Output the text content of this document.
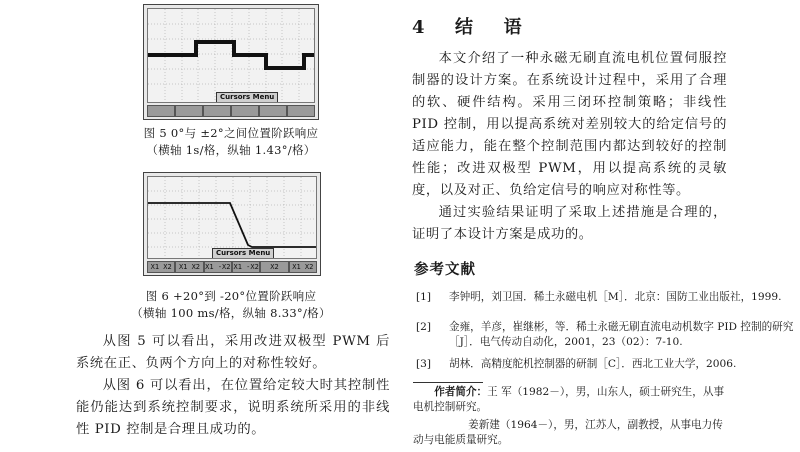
Cursors Menu
图 5 0°与 ±2°之间位置阶跃响应
（横轴 1s/格，纵轴 1.43°/格）
Cursors Menu
X1 X2	X1 X2 X1 -X2 X1 -X2	X2	X1 X2
图 6 +20°到 -20°位置阶跃响应
（横轴 100 ms/格，纵轴 8.33°/格）
从图 5 可以看出，采用改进双极型 PWM 后系统在正、负两个方向上的对称性较好。
从图 6 可以看出，在位置给定较大时其控制性能仍能达到系统控制要求，说明系统所采用的非线性 PID 控制是合理且成功的。
4  结  语
本文介绍了一种永磁无刷直流电机位置伺服控制器的设计方案。在系统设计过程中，采用了合理的软、硬件结构。采用三闭环控制策略；非线性 PID 控制，用以提高系统对差别较大的给定信号的适应能力，能在整个控制范围内都达到较好的控制性能；改进双极型 PWM，用以提高系统的灵敏度，以及对正、负给定信号的响应对称性等。
通过实验结果证明了采取上述措施是合理的，证明了本设计方案是成功的。
参考文献
[1] 李钟明，刘卫国．稀土永磁电机［M］．北京：国防工业出版社，1999.
[2] 金雍，羊彦，崔继彬，等．稀土永磁无刷直流电动机数字 PID 控制的研究［J］．电气传动自动化，2001，23（02）：7-10.
[3] 胡林．高精度舵机控制器的研制［C］．西北工业大学，2006.
作者简介：王 军（1982－），男，山东人，硕士研究生，从事电机控制研究。
姜新建（1964－），男，江苏人，副教授，从事电力传动与电能质量研究。
